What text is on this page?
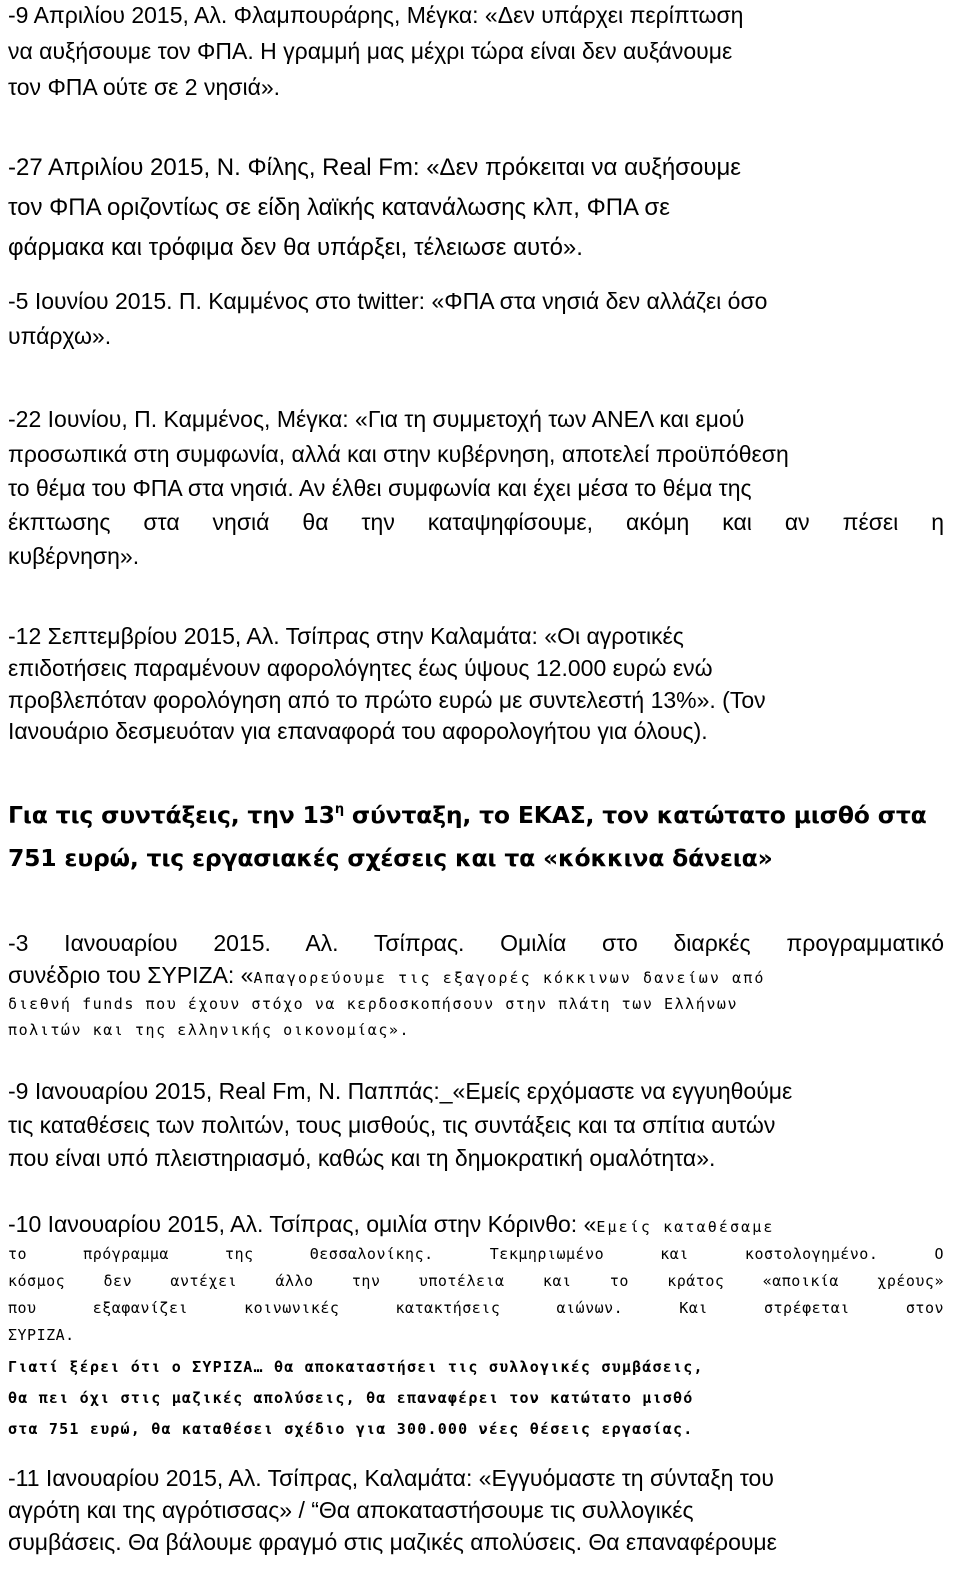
-9 Απριλίου 2015, Αλ. Φλαμπουράρης, Μέγκα: «Δεν υπάρχει περίπτωση
να αυξήσουμε τον ΦΠΑ. Η γραμμή μας μέχρι τώρα είναι δεν αυξάνουμε
τον ΦΠΑ ούτε σε 2 νησιά».
-27 Απριλίου 2015, Ν. Φίλης, Real Fm: «Δεν πρόκειται να αυξήσουμε
τον ΦΠΑ οριζοντίως σε είδη λαϊκής κατανάλωσης κλπ, ΦΠΑ σε
φάρμακα και τρόφιμα δεν θα υπάρξει, τέλειωσε αυτό».
-5 Ιουνίου 2015. Π. Καμμένος στο twitter: «ΦΠΑ στα νησιά δεν αλλάζει όσο
υπάρχω».
-22 Ιουνίου, Π. Καμμένος, Μέγκα: «Για τη συμμετοχή των ΑΝΕΛ και εμού
προσωπικά στη συμφωνία, αλλά και στην κυβέρνηση, αποτελεί προϋπόθεση
το θέμα του ΦΠΑ στα νησιά. Αν έλθει συμφωνία και έχει μέσα το θέμα της
έκπτωσης στα νησιά θα την καταψηφίσουμε, ακόμη και αν πέσει η
κυβέρνηση».
-12 Σεπτεμβρίου 2015, Αλ. Τσίπρας στην Καλαμάτα: «Οι αγροτικές
επιδοτήσεις παραμένουν αφορολόγητες έως ύψους 12.000 ευρώ ενώ
προβλεπόταν φορολόγηση από το πρώτο ευρώ με συντελεστή 13%». (Τον
Ιανουάριο δεσμευόταν για επαναφορά του αφορολογήτου για όλους).
Για τις συντάξεις, την $13^\eta$ σύνταξη, το ΕΚΑΣ, τον κατώτατο μισθό στα
751 ευρώ, τις εργασιακές σχέσεις και τα «κόκκινα δάνεια»
-3 Ιανουαρίου 2015. Αλ. Τσίπρας. Ομιλία στο διαρκές προγραμματικό
συνέδριο του ΣΥΡΙΖΑ: «Απαγορεύουμε τις εξαγορές κόκκινων δανείων από
διεθνή funds που έχουν στόχο να κερδοσκοπήσουν στην πλάτη των Ελλήνων
πολιτών και της ελληνικής οικονομίας».
-9 Ιανουαρίου 2015, Real Fm, Ν. Παππάς:_«Εμείς ερχόμαστε να εγγυηθούμε
τις καταθέσεις των πολιτών, τους μισθούς, τις συντάξεις και τα σπίτια αυτών
που είναι υπό πλειστηριασμό, καθώς και τη δημοκρατική ομαλότητα».
-10 Ιανουαρίου 2015, Αλ. Τσίπρας, ομιλία στην Κόρινθο: «Εμείς καταθέσαμε
το πρόγραμμα της Θεσσαλονίκης. Τεκμηριωμένο και κοστολογημένο. Ο
κόσμος δεν αντέχει άλλο την υποτέλεια και το κράτος «αποικία χρέους»
που εξαφανίζει κοινωνικές κατακτήσεις αιώνων. Και στρέφεται στον
ΣΥΡΙΖΑ.
Γιατί ξέρει ότι ο ΣΥΡΙΖΑ… θα αποκαταστήσει τις συλλογικές συμβάσεις,
θα πει όχι στις μαζικές απολύσεις, θα επαναφέρει τον κατώτατο μισθό
στα 751 ευρώ, θα καταθέσει σχέδιο για 300.000 νέες θέσεις εργασίας.
-11 Ιανουαρίου 2015, Αλ. Τσίπρας, Καλαμάτα: «Εγγυόμαστε τη σύνταξη του
αγρότη και της αγρότισσας» / “Θα αποκαταστήσουμε τις συλλογικές
συμβάσεις. Θα βάλουμε φραγμό στις μαζικές απολύσεις. Θα επαναφέρουμε
